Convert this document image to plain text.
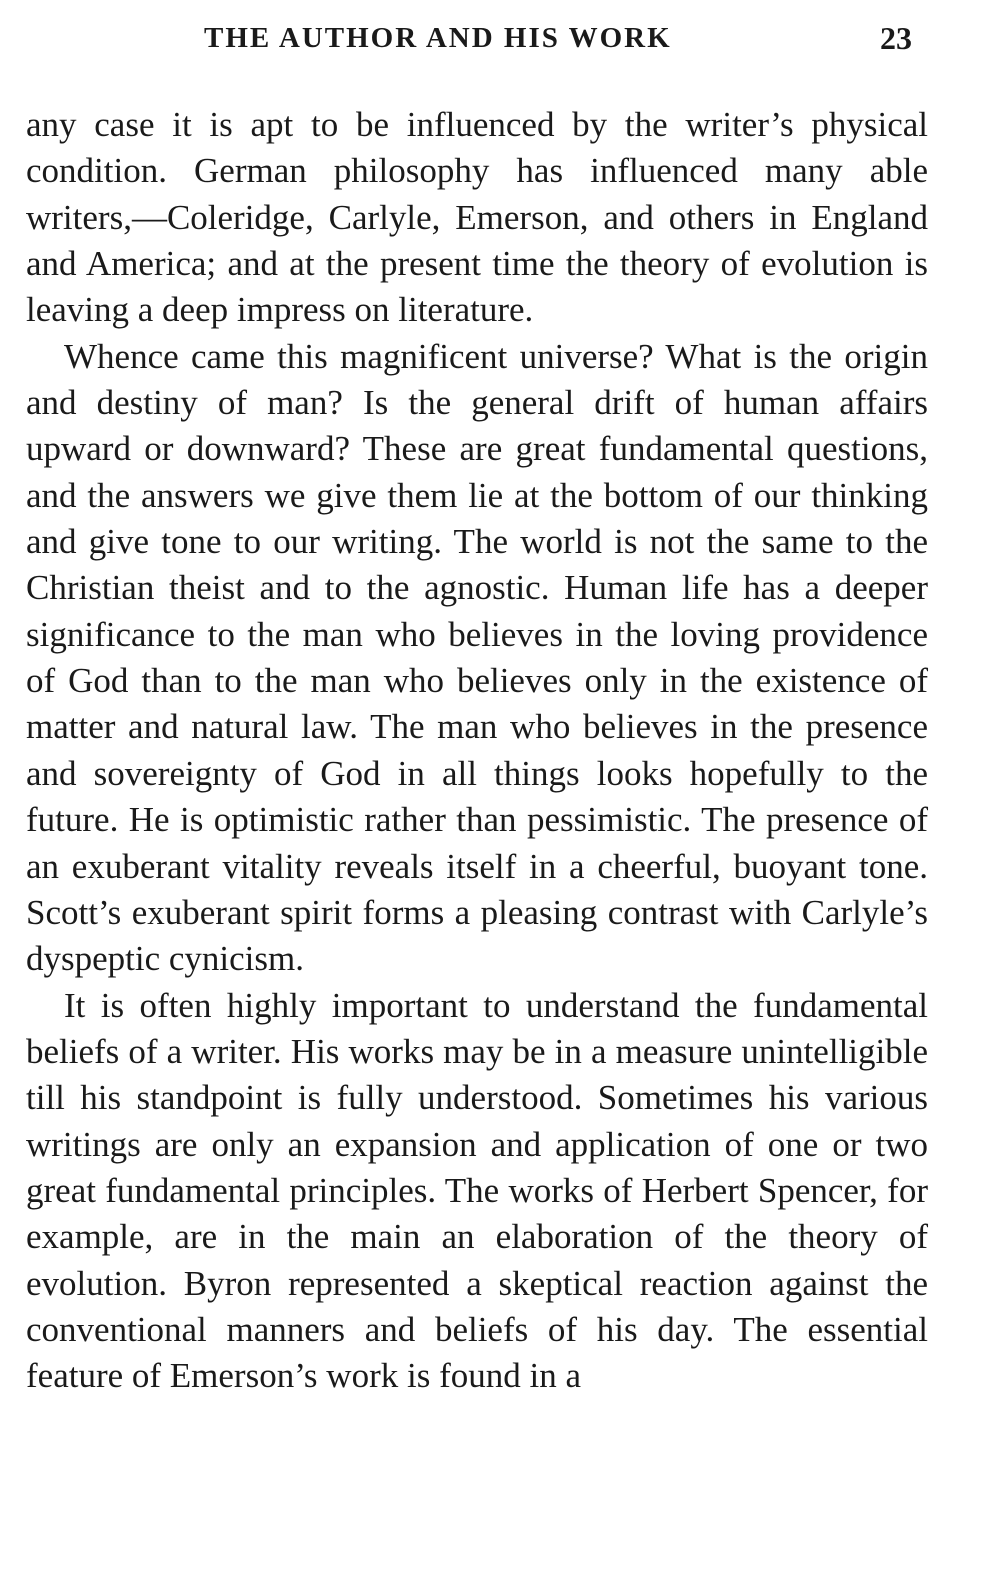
THE AUTHOR AND HIS WORK	23

any case it is apt to be influenced by the writer’s physical condition. German philosophy has influenced many able writers,—Coleridge, Carlyle, Emerson, and others in England and America; and at the present time the theory of evolution is leaving a deep impress on literature.

Whence came this magnificent universe? What is the origin and destiny of man? Is the general drift of human affairs upward or downward? These are great fundamental questions, and the answers we give them lie at the bottom of our thinking and give tone to our writing. The world is not the same to the Christian theist and to the agnostic. Human life has a deeper significance to the man who believes in the loving providence of God than to the man who believes only in the existence of matter and natural law. The man who believes in the presence and sovereignty of God in all things looks hopefully to the future. He is optimistic rather than pessimistic. The presence of an exuberant vitality reveals itself in a cheerful, buoyant tone. Scott’s exuberant spirit forms a pleasing contrast with Carlyle’s dyspeptic cynicism.

It is often highly important to understand the fundamental beliefs of a writer. His works may be in a measure unintelligible till his standpoint is fully understood. Sometimes his various writings are only an expansion and application of one or two great fundamental principles. The works of Herbert Spencer, for example, are in the main an elaboration of the theory of evolution. Byron represented a skeptical reaction against the conventional manners and beliefs of his day. The essential feature of Emerson’s work is found in a
